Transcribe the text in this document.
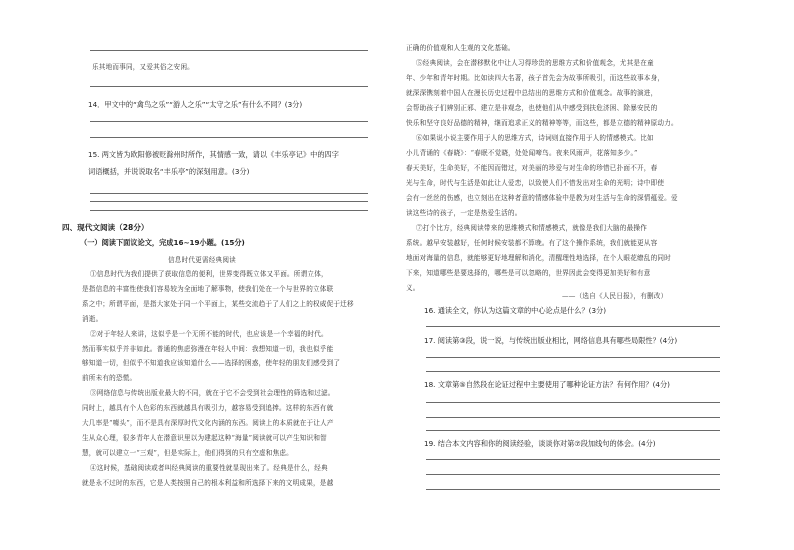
乐其地而事同，又爱其俗之安闲。
14．甲文中的“禽鸟之乐”“游人之乐”“太守之乐”有什么不同？(3分)
15. 两文皆为欧阳修被贬滁州时所作，其情感一致，请以《丰乐亭记》中的四字
词语概括，并说说取名“丰乐亭”的深刻用意。(3分)
四、现代文阅读（28分）
（一）阅读下面议论文，完成16~19小题。(15分)
信息时代更需经典阅读
①信息时代为我们提供了获取信息的便利，世界变得既立体又平面。所谓立体，
是指信息的丰富性使我们容易较为全面地了解事物，使我们处在一个与世界的立体联
系之中；所谓平面，是指大家处于同一个平面上，某些交流趋于了人们之上的权威促于迁移
消逝。
②对于年轻人来讲，这似乎是一个无所不能的时代，也应该是一个幸福的时代。
然而事实似乎并非如此。普通的焦虑弥漫在年轻人中间：我想知道一切，我也似乎能
够知道一切，但似乎不知道我应该知道什么——选择的困惑，使年轻的朋友们感受到了
前所未有的恐慌。
③网络信息与传统出版业最大的不同，就在于它不会受到社会理性的筛选和过滤。
同时上，越具有个人色彩的东西就越具有吸引力，越容易受到追捧。这样的东西有就
大几率是“噱头”，而不是具有深厚时代文化内涵的东西。阅读上的本质就在于让人产
生从众心理，很多青年人在潜意识里以为建起这种“海量”阅读就可以产生知识和智
慧，就可以建立一“三观”，但是实际上，他们得到的只有空虚和焦虑。
④这时候，基础阅读或者叫经典阅读的重要性就显现出来了。经典是什么，经典
就是永不过时的东西，它是人类按照自己的根本利益和所选择下来的文明成果，是越
正确的价值观和人生观的文化基础。
⑤经典阅读，会在潜移默化中让人习得珍贵的思维方式和价值观念，尤其是在童
年、少年和青年时期。比如读四大名著，孩子首先会为故事所吸引，而这些故事本身，
就深深镌刻着中国人在漫长历史过程中总结出的思维方式和价值观念。故事的演进，
会帮助孩子们辨别正邪、建立是非观念，也使他们从中感受到扶危济困、除暴安民的
快乐和坚守良好品德的精神，继而追求正义的精神等等，而这些，都是立德的精神原动力。
⑥如果说小说主要作用于人的思维方式，诗词则直接作用于人的情感模式。比如
小儿背诵的《春晓》：“春眠不觉晓，处处闻啼鸟。夜来风雨声，花落知多少。”
春天美好，生命美好，不能因而错过，对美丽的珍爱与对生命的珍惜已扑面不开，春
光与生命，时代与生活是如此让人爱恋，以致使人们不惜发出对生命的光明；诗中即使
会有一丝丝的伤感，也立刻出在这种者意的情感体验中是教为对生活与生命的深情蕴爱。爱
读这些诗的孩子，一定是热爱生活的。
⑦打个比方，经典阅读带来的思维模式和情感模式，就像是我们大脑的最操作
系统。越早安装越好，任何时候安装都不算晚。有了这个操作系统，我们就能更从容
地面对海量的信息，就能够更好地理解和消化，清醒理性地选择，在个人眼花缭乱的同时
下来，知道哪些是要选择的，哪些是可以忽略的，世界因此会变得更加美好和有意
义。
——（选自《人民日报》，有删改）
16. 通读全文，你认为这篇文章的中心论点是什么？(3分)
17. 阅读第③段，说一说，与传统出版业相比，网络信息具有哪些局限性？(4分)
18. 文章第⑤自然段在论证过程中主要使用了哪种论证方法？有何作用？(4分)
19. 结合本文内容和你的阅读经验，谈谈你对第⑦段加线句的体会。(4分)
